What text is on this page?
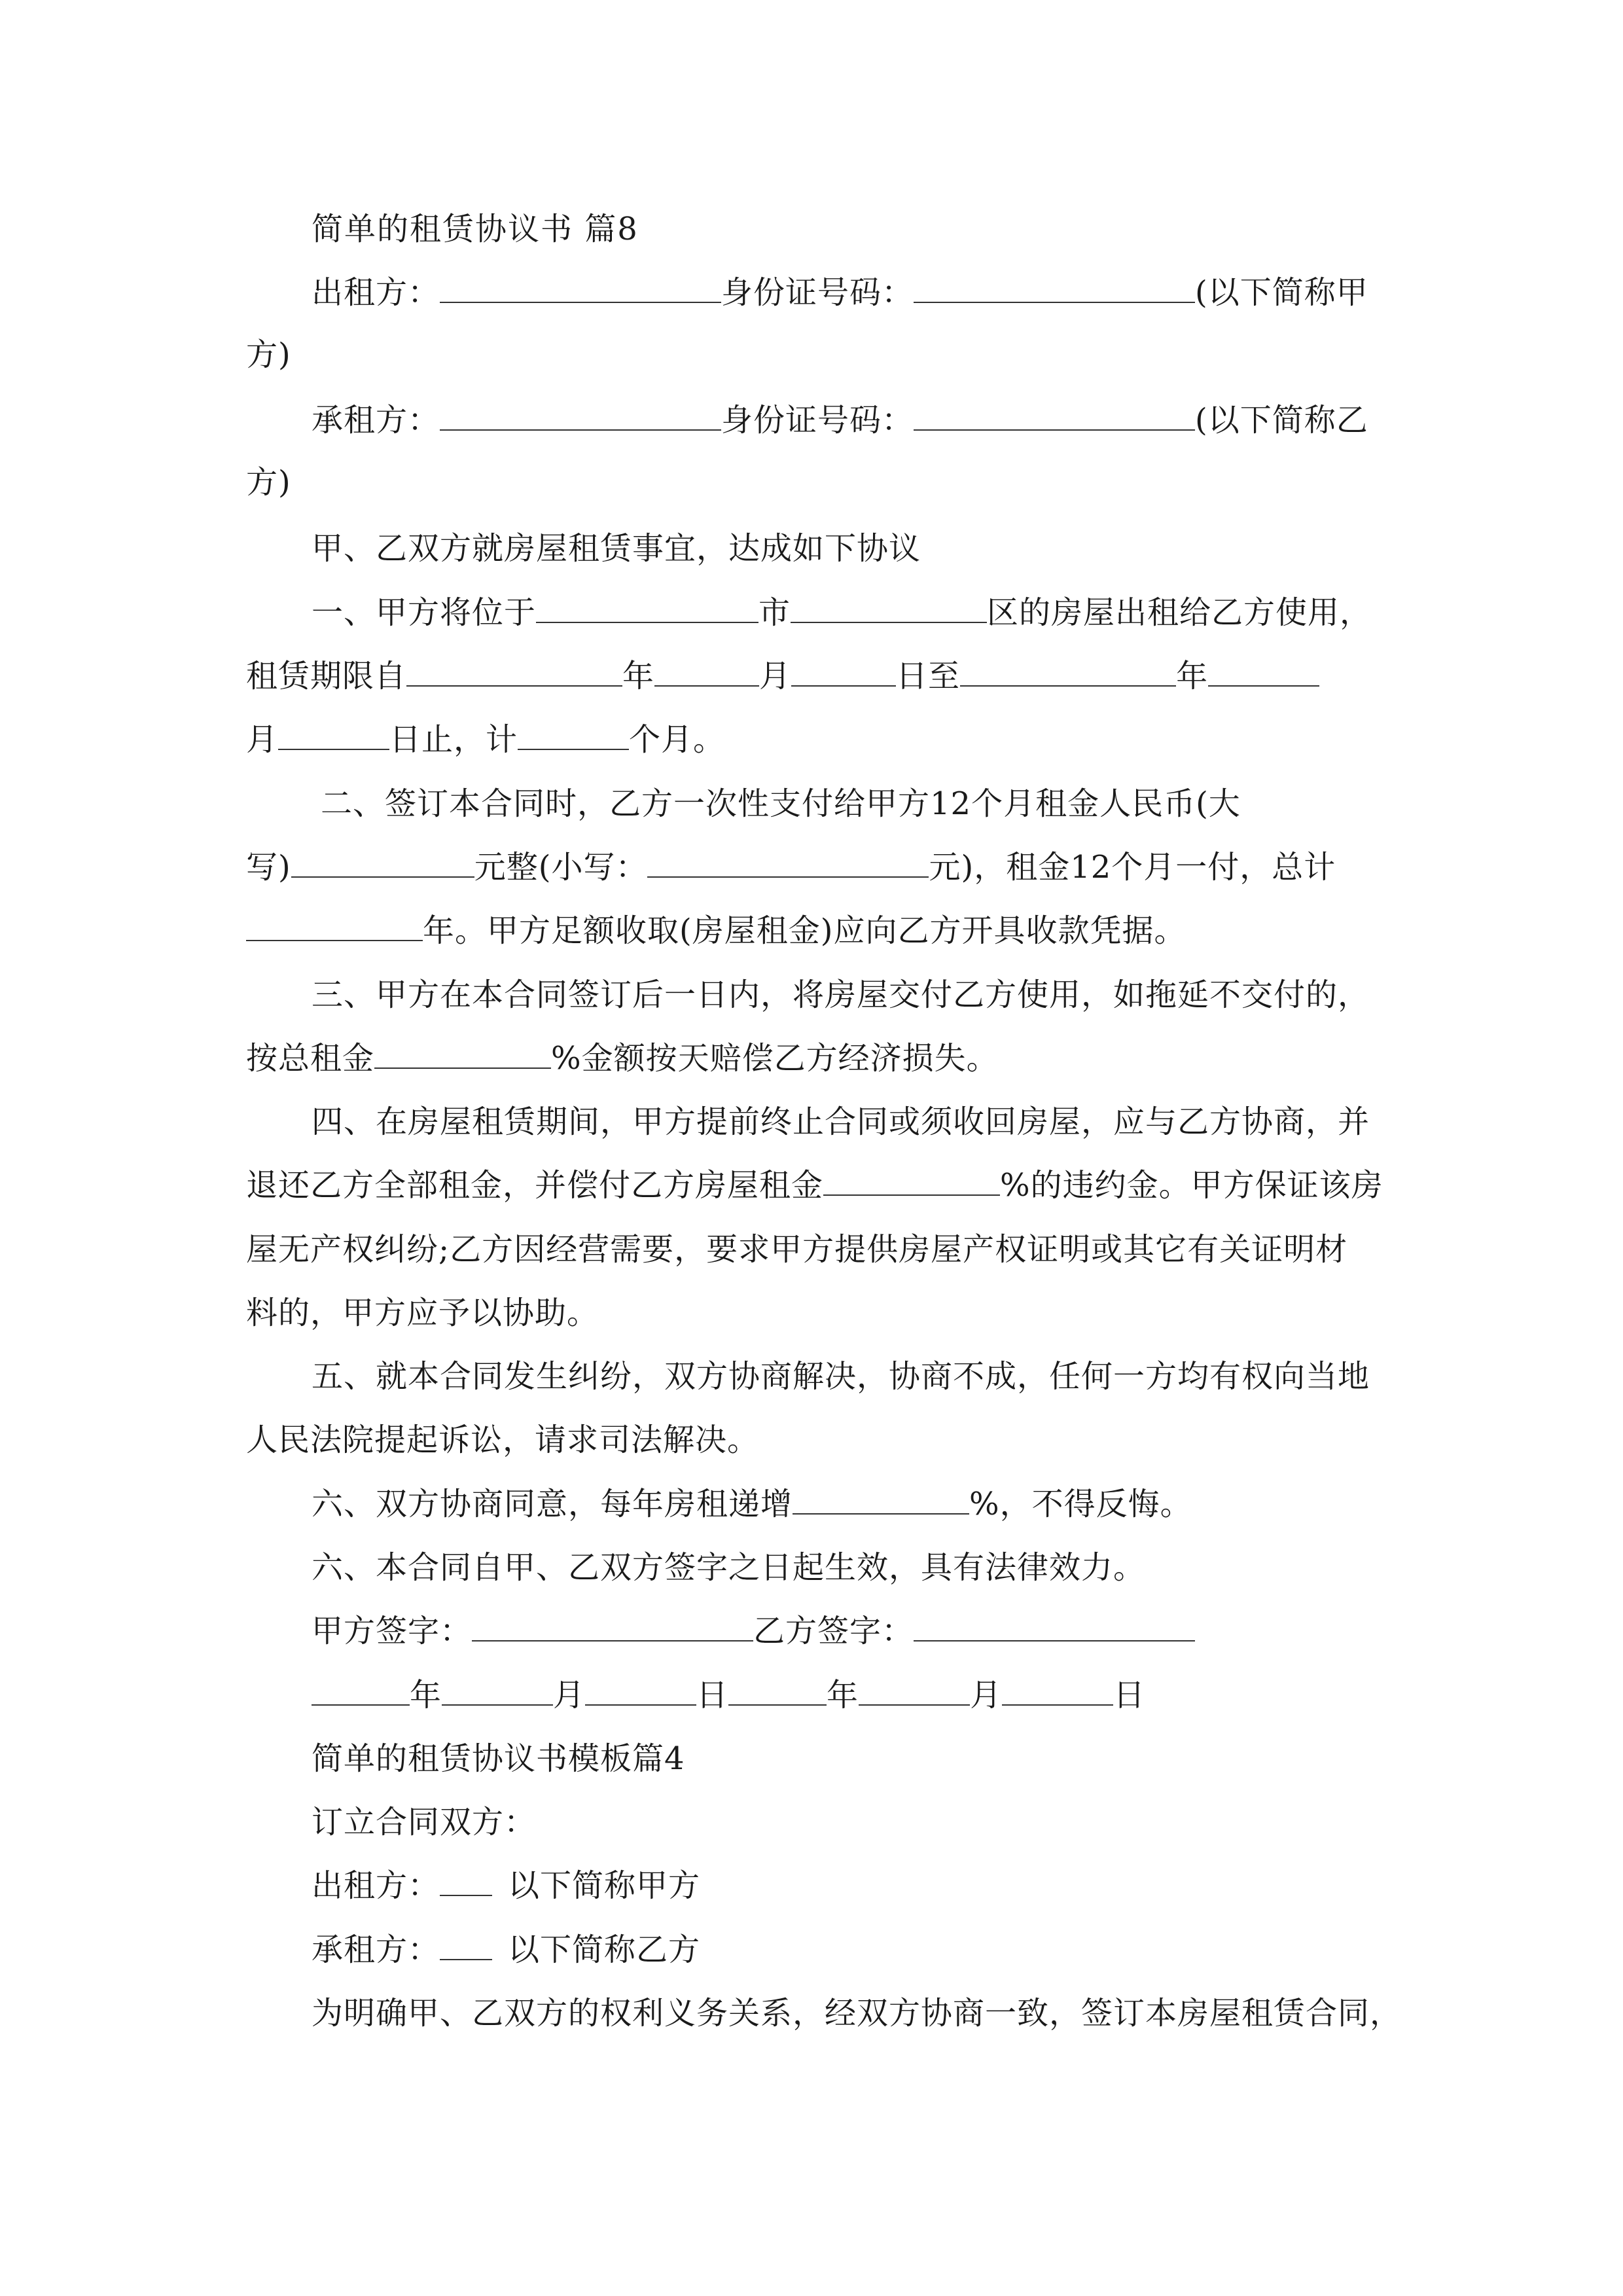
简单的租赁协议书 篇8
出租方：	身份证号码：	(以下简称甲
方)
承租方：	身份证号码：	(以下简称乙
方)
甲、乙双方就房屋租赁事宜，达成如下协议
一、甲方将位于	市	区的房屋出租给乙方使用，
租赁期限自	年	月	日至	年
月	日止，计	个月。
二、签订本合同时，乙方一次性支付给甲方12个月租金人民币(大
写)	元整(小写：	元)，租金12个月一付，总计
年。甲方足额收取(房屋租金)应向乙方开具收款凭据。
三、甲方在本合同签订后一日内，将房屋交付乙方使用，如拖延不交付的，
按总租金	%金额按天赔偿乙方经济损失。
四、在房屋租赁期间，甲方提前终止合同或须收回房屋，应与乙方协商，并
退还乙方全部租金，并偿付乙方房屋租金	%的违约金。甲方保证该房
屋无产权纠纷;乙方因经营需要，要求甲方提供房屋产权证明或其它有关证明材
料的，甲方应予以协助。
五、就本合同发生纠纷，双方协商解决，协商不成，任何一方均有权向当地
人民法院提起诉讼，请求司法解决。
六、双方协商同意，每年房租递增	%，不得反悔。
六、本合同自甲、乙双方签字之日起生效，具有法律效力。
甲方签字：	乙方签字：
年	月	日	年	月	日
简单的租赁协议书模板篇4
订立合同双方：
出租方： 以下简称甲方
承租方： 以下简称乙方
为明确甲、乙双方的权利义务关系，经双方协商一致，签订本房屋租赁合同，
